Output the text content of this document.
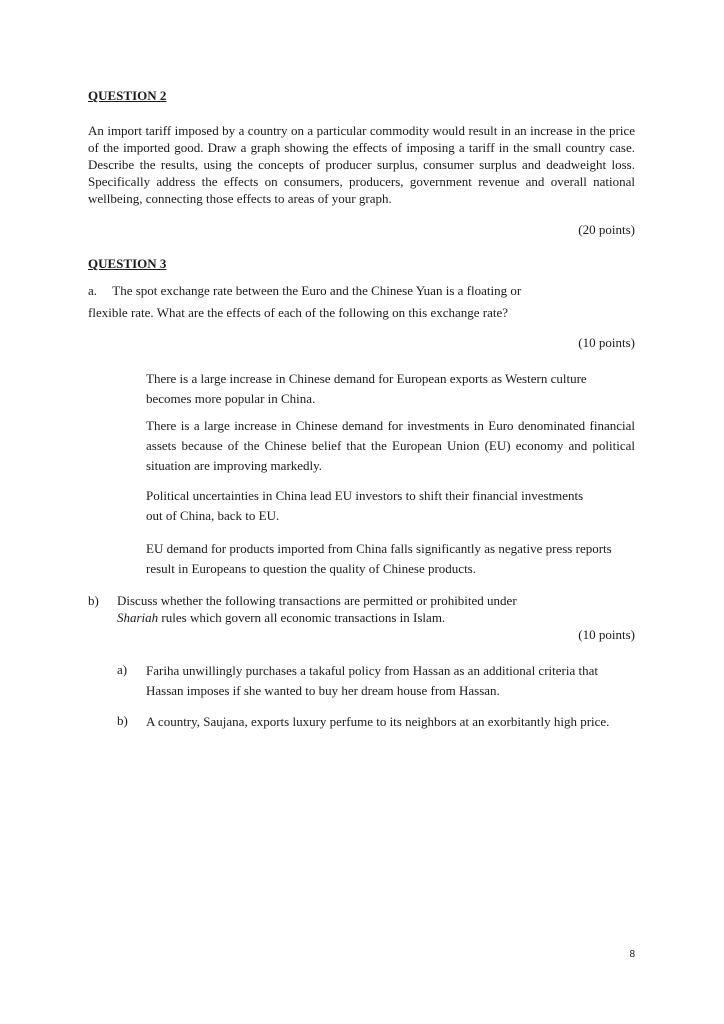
QUESTION 2
An import tariff imposed by a country on a particular commodity would result in an increase in the price of the imported good. Draw a graph showing the effects of imposing a tariff in the small country case. Describe the results, using the concepts of producer surplus, consumer surplus and deadweight loss. Specifically address the effects on consumers, producers, government revenue and overall national wellbeing, connecting those effects to areas of your graph.
(20 points)
QUESTION 3
a. The spot exchange rate between the Euro and the Chinese Yuan is a floating or
flexible rate. What are the effects of each of the following on this exchange rate?
(10 points)
There is a large increase in Chinese demand for European exports as Western culture becomes more popular in China.
There is a large increase in Chinese demand for investments in Euro denominated financial assets because of the Chinese belief that the European Union (EU) economy and political situation are improving markedly.
Political uncertainties in China lead EU investors to shift their financial investments out of China, back to EU.
EU demand for products imported from China falls significantly as negative press reports result in Europeans to question the quality of Chinese products.
b) Discuss whether the following transactions are permitted or prohibited under
Shariah rules which govern all economic transactions in Islam.
(10 points)
a) Fariha unwillingly purchases a takaful policy from Hassan as an additional criteria that Hassan imposes if she wanted to buy her dream house from Hassan.
b) A country, Saujana, exports luxury perfume to its neighbors at an exorbitantly high price.
8
